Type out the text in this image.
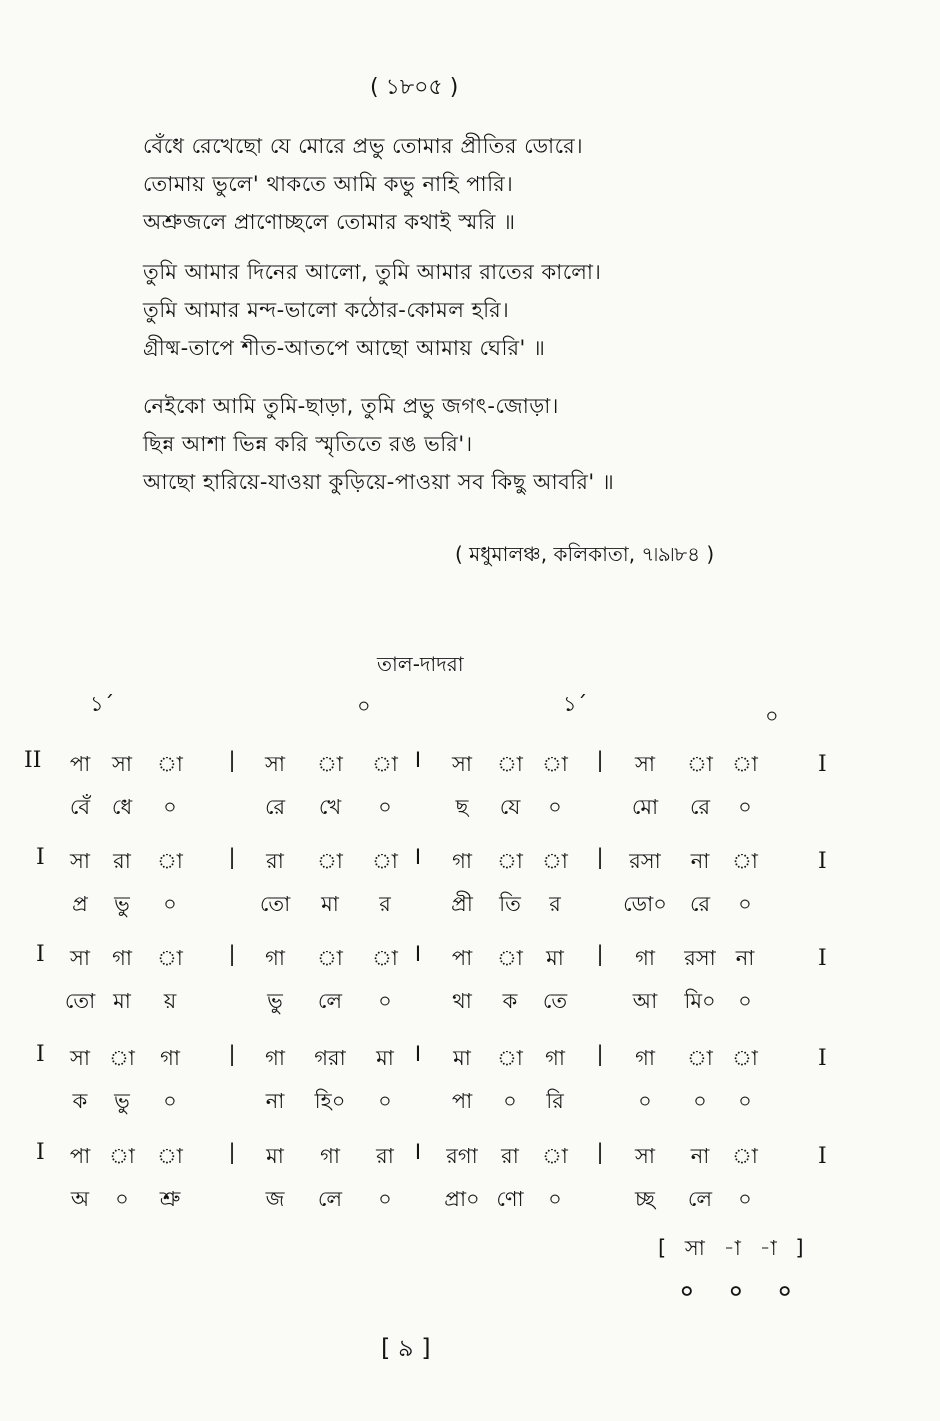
( ১৮০৫ )
বেঁধে রেখেছো যে মোরে প্রভু তোমার প্রীতির ডোরে।
তোমায় ভুলে' থাকতে আমি কভু নাহি পারি।
অশ্রুজলে প্রাণোচ্ছলে তোমার কথাই স্মরি ॥
তুমি আমার দিনের আলো, তুমি আমার রাতের কালো।
তুমি আমার মন্দ-ভালো কঠোর-কোমল হরি।
গ্রীষ্ম-তাপে শীত-আতপে আছো আমায় ঘেরি' ॥
নেইকো আমি তুমি-ছাড়া, তুমি প্রভু জগৎ-জোড়া।
ছিন্ন আশা ভিন্ন করি স্মৃতিতে রঙ ভরি'।
আছো হারিয়ে-যাওয়া কুড়িয়ে-পাওয়া সব কিছু আবরি' ॥
( মধুমালঞ্চ, কলিকাতা, ৭৷৯৷৮৪ )
তাল-দাদরা
১´	০	১´	০
II	I
পা সা া | সা া া I সা া া | সা া া
বেঁ ধে ০	রে খে ০	ছ যে ০	মো রে ০
I	I
সা রা া | রা া া I গা া া | রসা না া
প্র ভু ০	তো মা র	প্রী তি র	ডো০ রে ০
I	I
সা গা া | গা া া I পা া মা | গা রসা না
তো মা য়	ভু লে ০	থা ক তে	আ মি০ ০
I	I
সা া গা | গা গরা মা I মা া গা | গা া া
ক ভু ০	না হি০ ০	পা ০ রি	০ ০ ০
I	I
পা া া | মা গা রা I রগা রা া | সা না া
অ ০ শ্রু	জ লে ০ প্রা০ ণো ০	চ্ছ লে ০
[ সা -া -া ]
০ ০ ০
[ ৯ ]
